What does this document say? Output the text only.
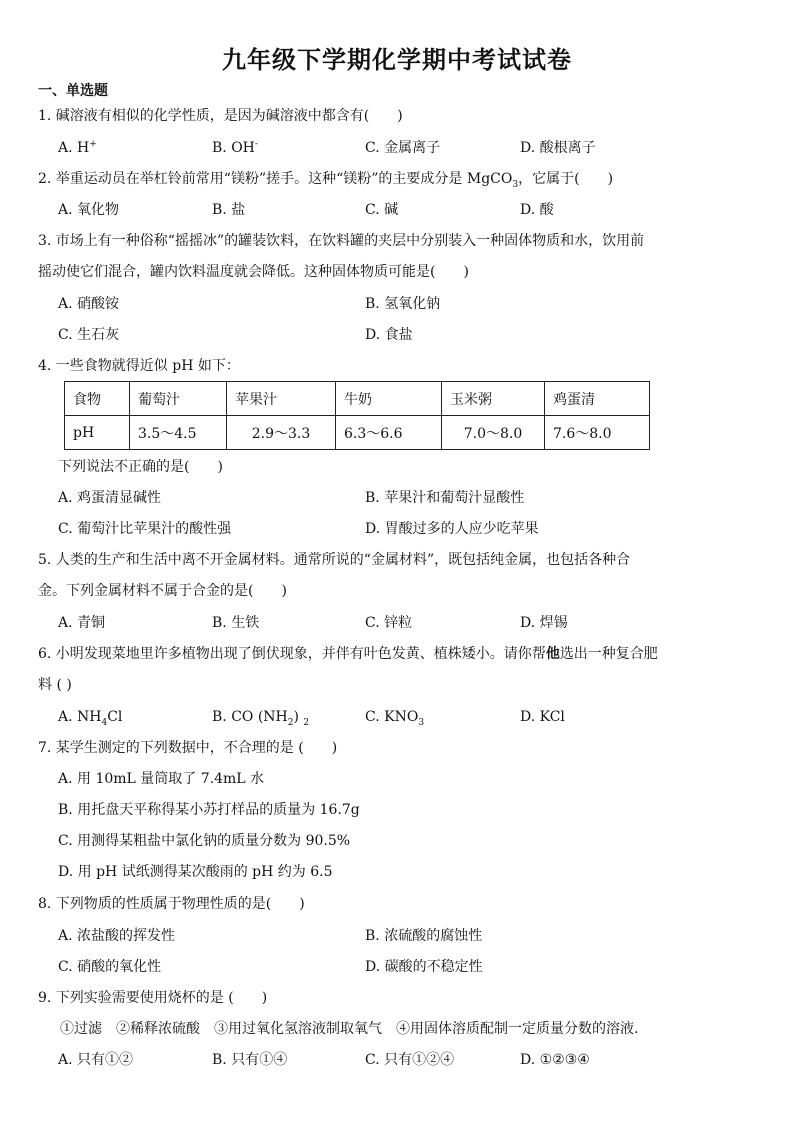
九年级下学期化学期中考试试卷
一、单选题
1. 碱溶液有相似的化学性质，是因为碱溶液中都含有(　　)
A. H+	B. OH-	C. 金属离子	D. 酸根离子
2. 举重运动员在举杠铃前常用“镁粉”搓手。这种“镁粉”的主要成分是 MgCO$_3$，它属于(　　)
A. 氧化物	B. 盐	C. 碱	D. 酸
3. 市场上有一种俗称“摇摇冰”的罐装饮料，在饮料罐的夹层中分别装入一种固体物质和水，饮用前
摇动使它们混合，罐内饮料温度就会降低。这种固体物质可能是(　　)
A. 硝酸铵	B. 氢氧化钠
C. 生石灰	D. 食盐
4. 一些食物就得近似 pH 如下：
食物	葡萄汁	苹果汁	牛奶	玉米粥	鸡蛋清
pH	3.5～4.5	2.9～3.3	6.3～6.6	7.0～8.0	7.6～8.0
下列说法不正确的是(　　)
A. 鸡蛋清显碱性	B. 苹果汁和葡萄汁显酸性
C. 葡萄汁比苹果汁的酸性强	D. 胃酸过多的人应少吃苹果
5. 人类的生产和生活中离不开金属材料。通常所说的“金属材料”，既包括纯金属，也包括各种合
金。下列金属材料不属于合金的是(　　)
A. 青铜	B. 生铁	C. 锌粒	D. 焊锡
6. 小明发现菜地里许多植物出现了倒伏现象，并伴有叶色发黄、植株矮小。请你帮他选出一种复合肥
料 ( )
A. $NH_4Cl$	B. CO $(NH_2)$ $_2$	C. $KNO_3$	D. KCl
7. 某学生测定的下列数据中，不合理的是 (　　)
A. 用 10mL 量筒取了 7.4mL 水
B. 用托盘天平称得某小苏打样品的质量为 16.7g
C. 用测得某粗盐中氯化钠的质量分数为 90.5%
D. 用 pH 试纸测得某次酸雨的 pH 约为 6.5
8. 下列物质的性质属于物理性质的是(　　)
A. 浓盐酸的挥发性	B. 浓硫酸的腐蚀性
C. 硝酸的氧化性	D. 碳酸的不稳定性
9. 下列实验需要使用烧杯的是 (　　)
①过滤　②稀释浓硫酸　③用过氧化氢溶液制取氧气　④用固体溶质配制一定质量分数的溶液.
A. 只有①②	B. 只有①④	C. 只有①②④	D. ①②③④
